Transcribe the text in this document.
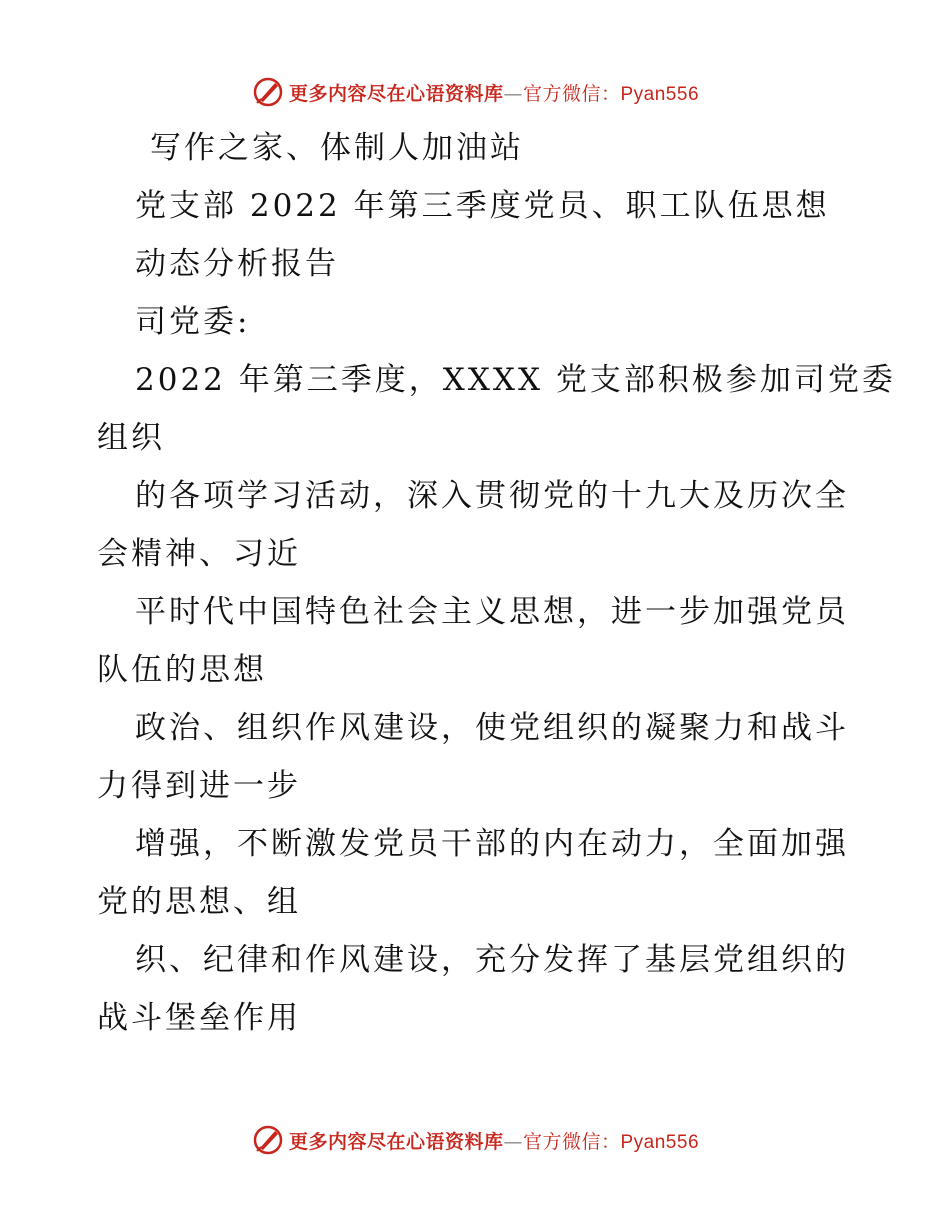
更多内容尽在心语资料库—官方微信：Pyan556
写作之家、体制人加油站
党支部 2022 年第三季度党员、职工队伍思想
动态分析报告
司党委:
2022 年第三季度，XXXX 党支部积极参加司党委
组织
的各项学习活动，深入贯彻党的十九大及历次全
会精神、习近
平时代中国特色社会主义思想，进一步加强党员
队伍的思想
政治、组织作风建设，使党组织的凝聚力和战斗
力得到进一步
增强，不断激发党员干部的内在动力，全面加强
党的思想、组
织、纪律和作风建设，充分发挥了基层党组织的
战斗堡垒作用
更多内容尽在心语资料库—官方微信：Pyan556
